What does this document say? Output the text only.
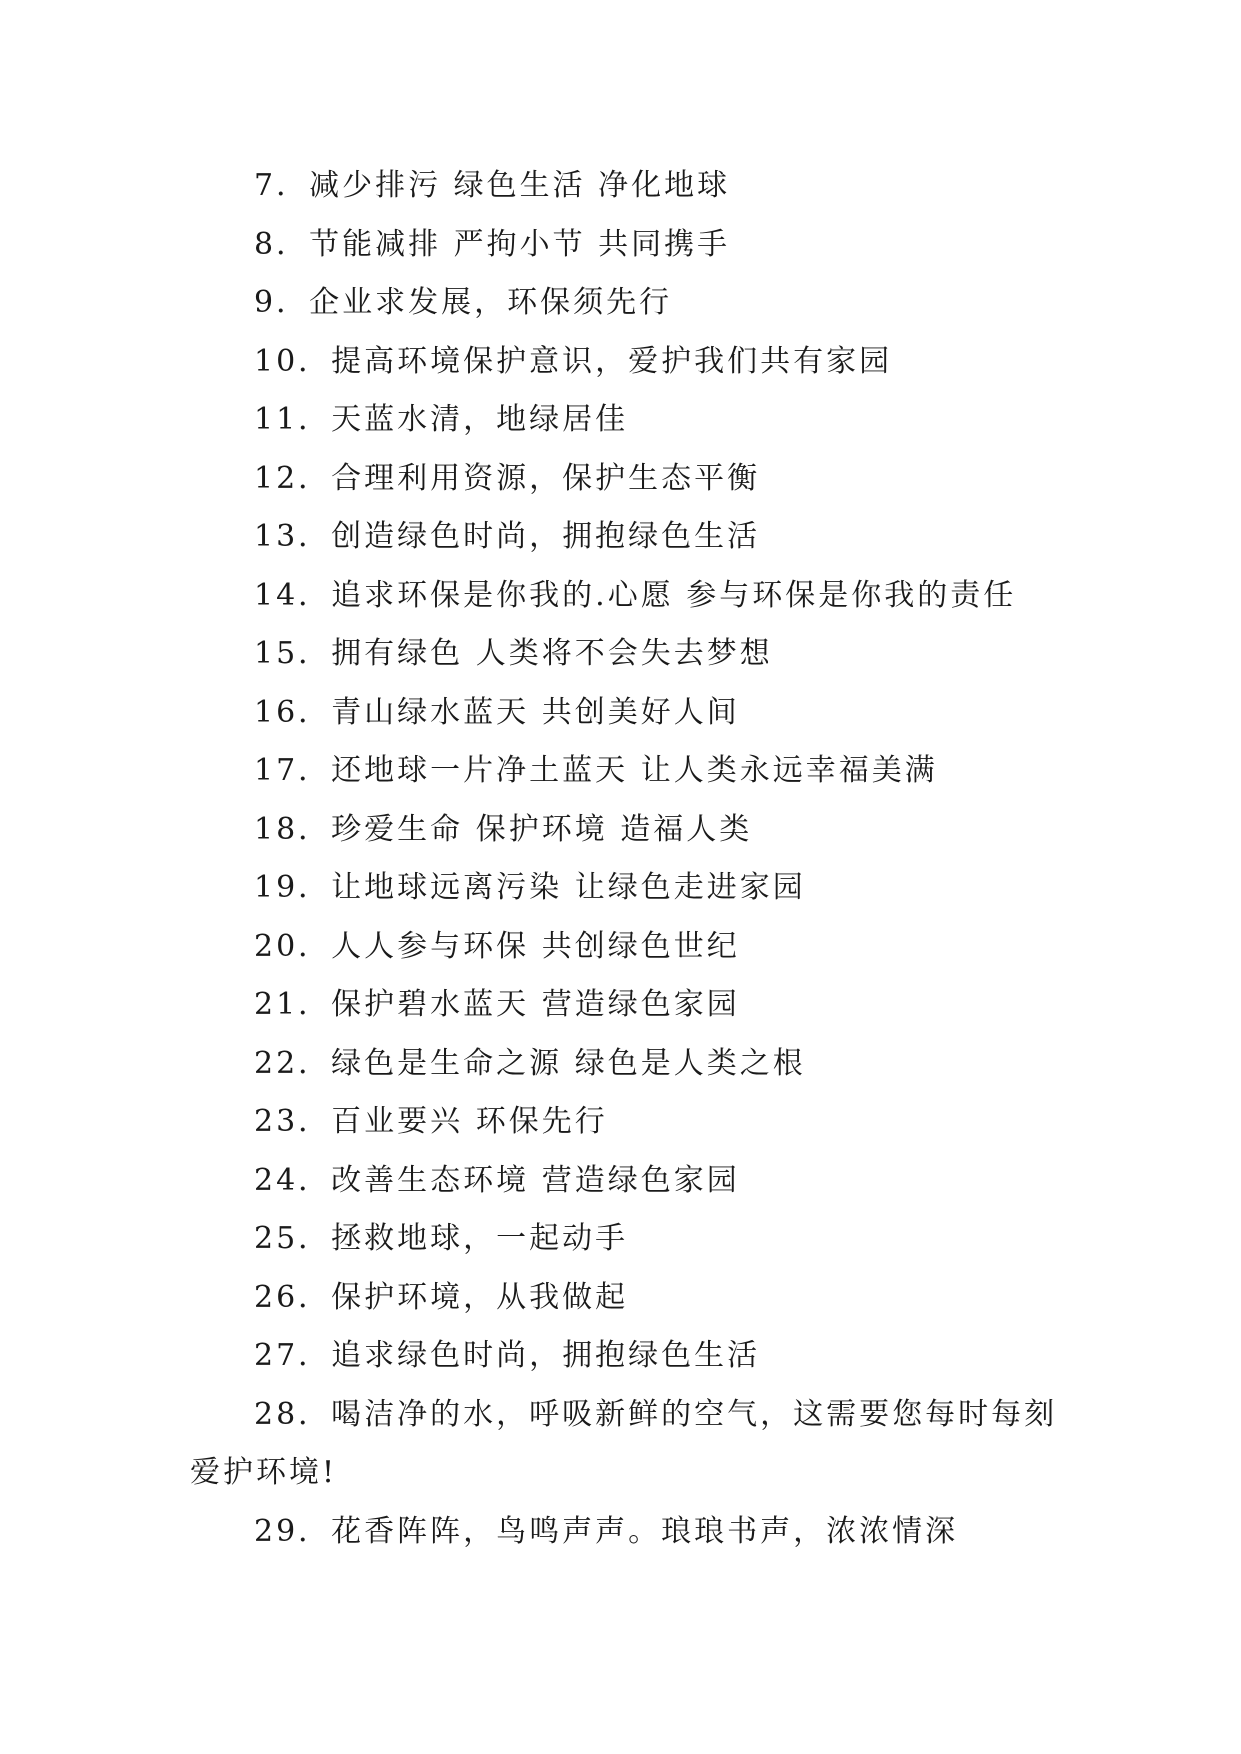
7．减少排污 绿色生活 净化地球

8．节能减排 严拘小节 共同携手

9．企业求发展，环保须先行

10．提高环境保护意识，爱护我们共有家园

11．天蓝水清，地绿居佳

12．合理利用资源，保护生态平衡

13．创造绿色时尚，拥抱绿色生活

14．追求环保是你我的.心愿 参与环保是你我的责任

15．拥有绿色 人类将不会失去梦想

16．青山绿水蓝天 共创美好人间

17．还地球一片净土蓝天 让人类永远幸福美满

18．珍爱生命 保护环境 造福人类

19．让地球远离污染 让绿色走进家园

20．人人参与环保 共创绿色世纪

21．保护碧水蓝天 营造绿色家园

22．绿色是生命之源 绿色是人类之根

23．百业要兴 环保先行

24．改善生态环境 营造绿色家园

25．拯救地球，一起动手

26．保护环境，从我做起

27．追求绿色时尚，拥抱绿色生活

28．喝洁净的水，呼吸新鲜的空气，这需要您每时每刻爱护环境!

29．花香阵阵，鸟鸣声声。琅琅书声，浓浓情深
